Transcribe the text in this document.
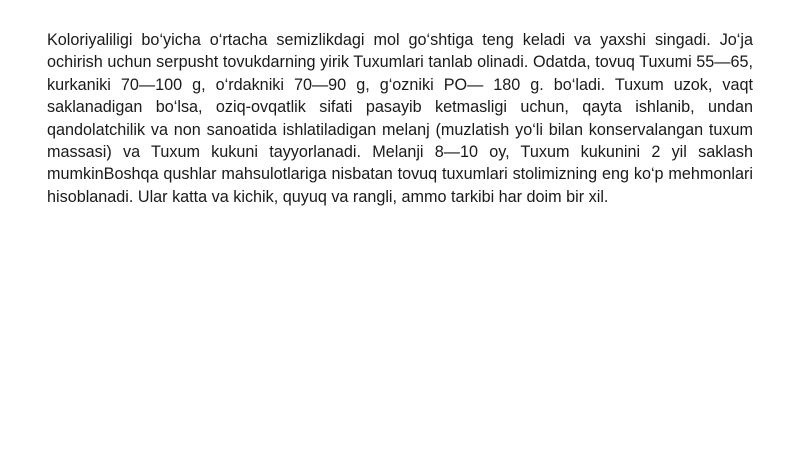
Koloriyaliligi bo‘yicha o‘rtacha semizlikdagi mol go‘shtiga teng keladi va yaxshi singadi. Jo‘ja ochirish uchun serpusht tovukdarning yirik Tuxumlari tanlab olinadi. Odatda, tovuq Tuxumi 55—65, kurkaniki 70—100 g, o‘rdakniki 70—90 g, g‘ozniki PO— 180 g. bo‘ladi. Tuxum uzok, vaqt saklanadigan bo‘lsa, oziq-ovqatlik sifati pasayib ketmasligi uchun, qayta ishlanib, undan qandolatchilik va non sanoatida ishlatiladigan melanj (muzlatish yo‘li bilan konservalangan tuxum massasi) va Tuxum kukuni tayyorlanadi. Melanji 8—10 oy, Tuxum kukunini 2 yil saklash mumkinBoshqa qushlar mahsulotlariga nisbatan tovuq tuxumlari stolimizning eng ko‘p mehmonlari hisoblanadi. Ular katta va kichik, quyuq va rangli, ammo tarkibi har doim bir xil.
